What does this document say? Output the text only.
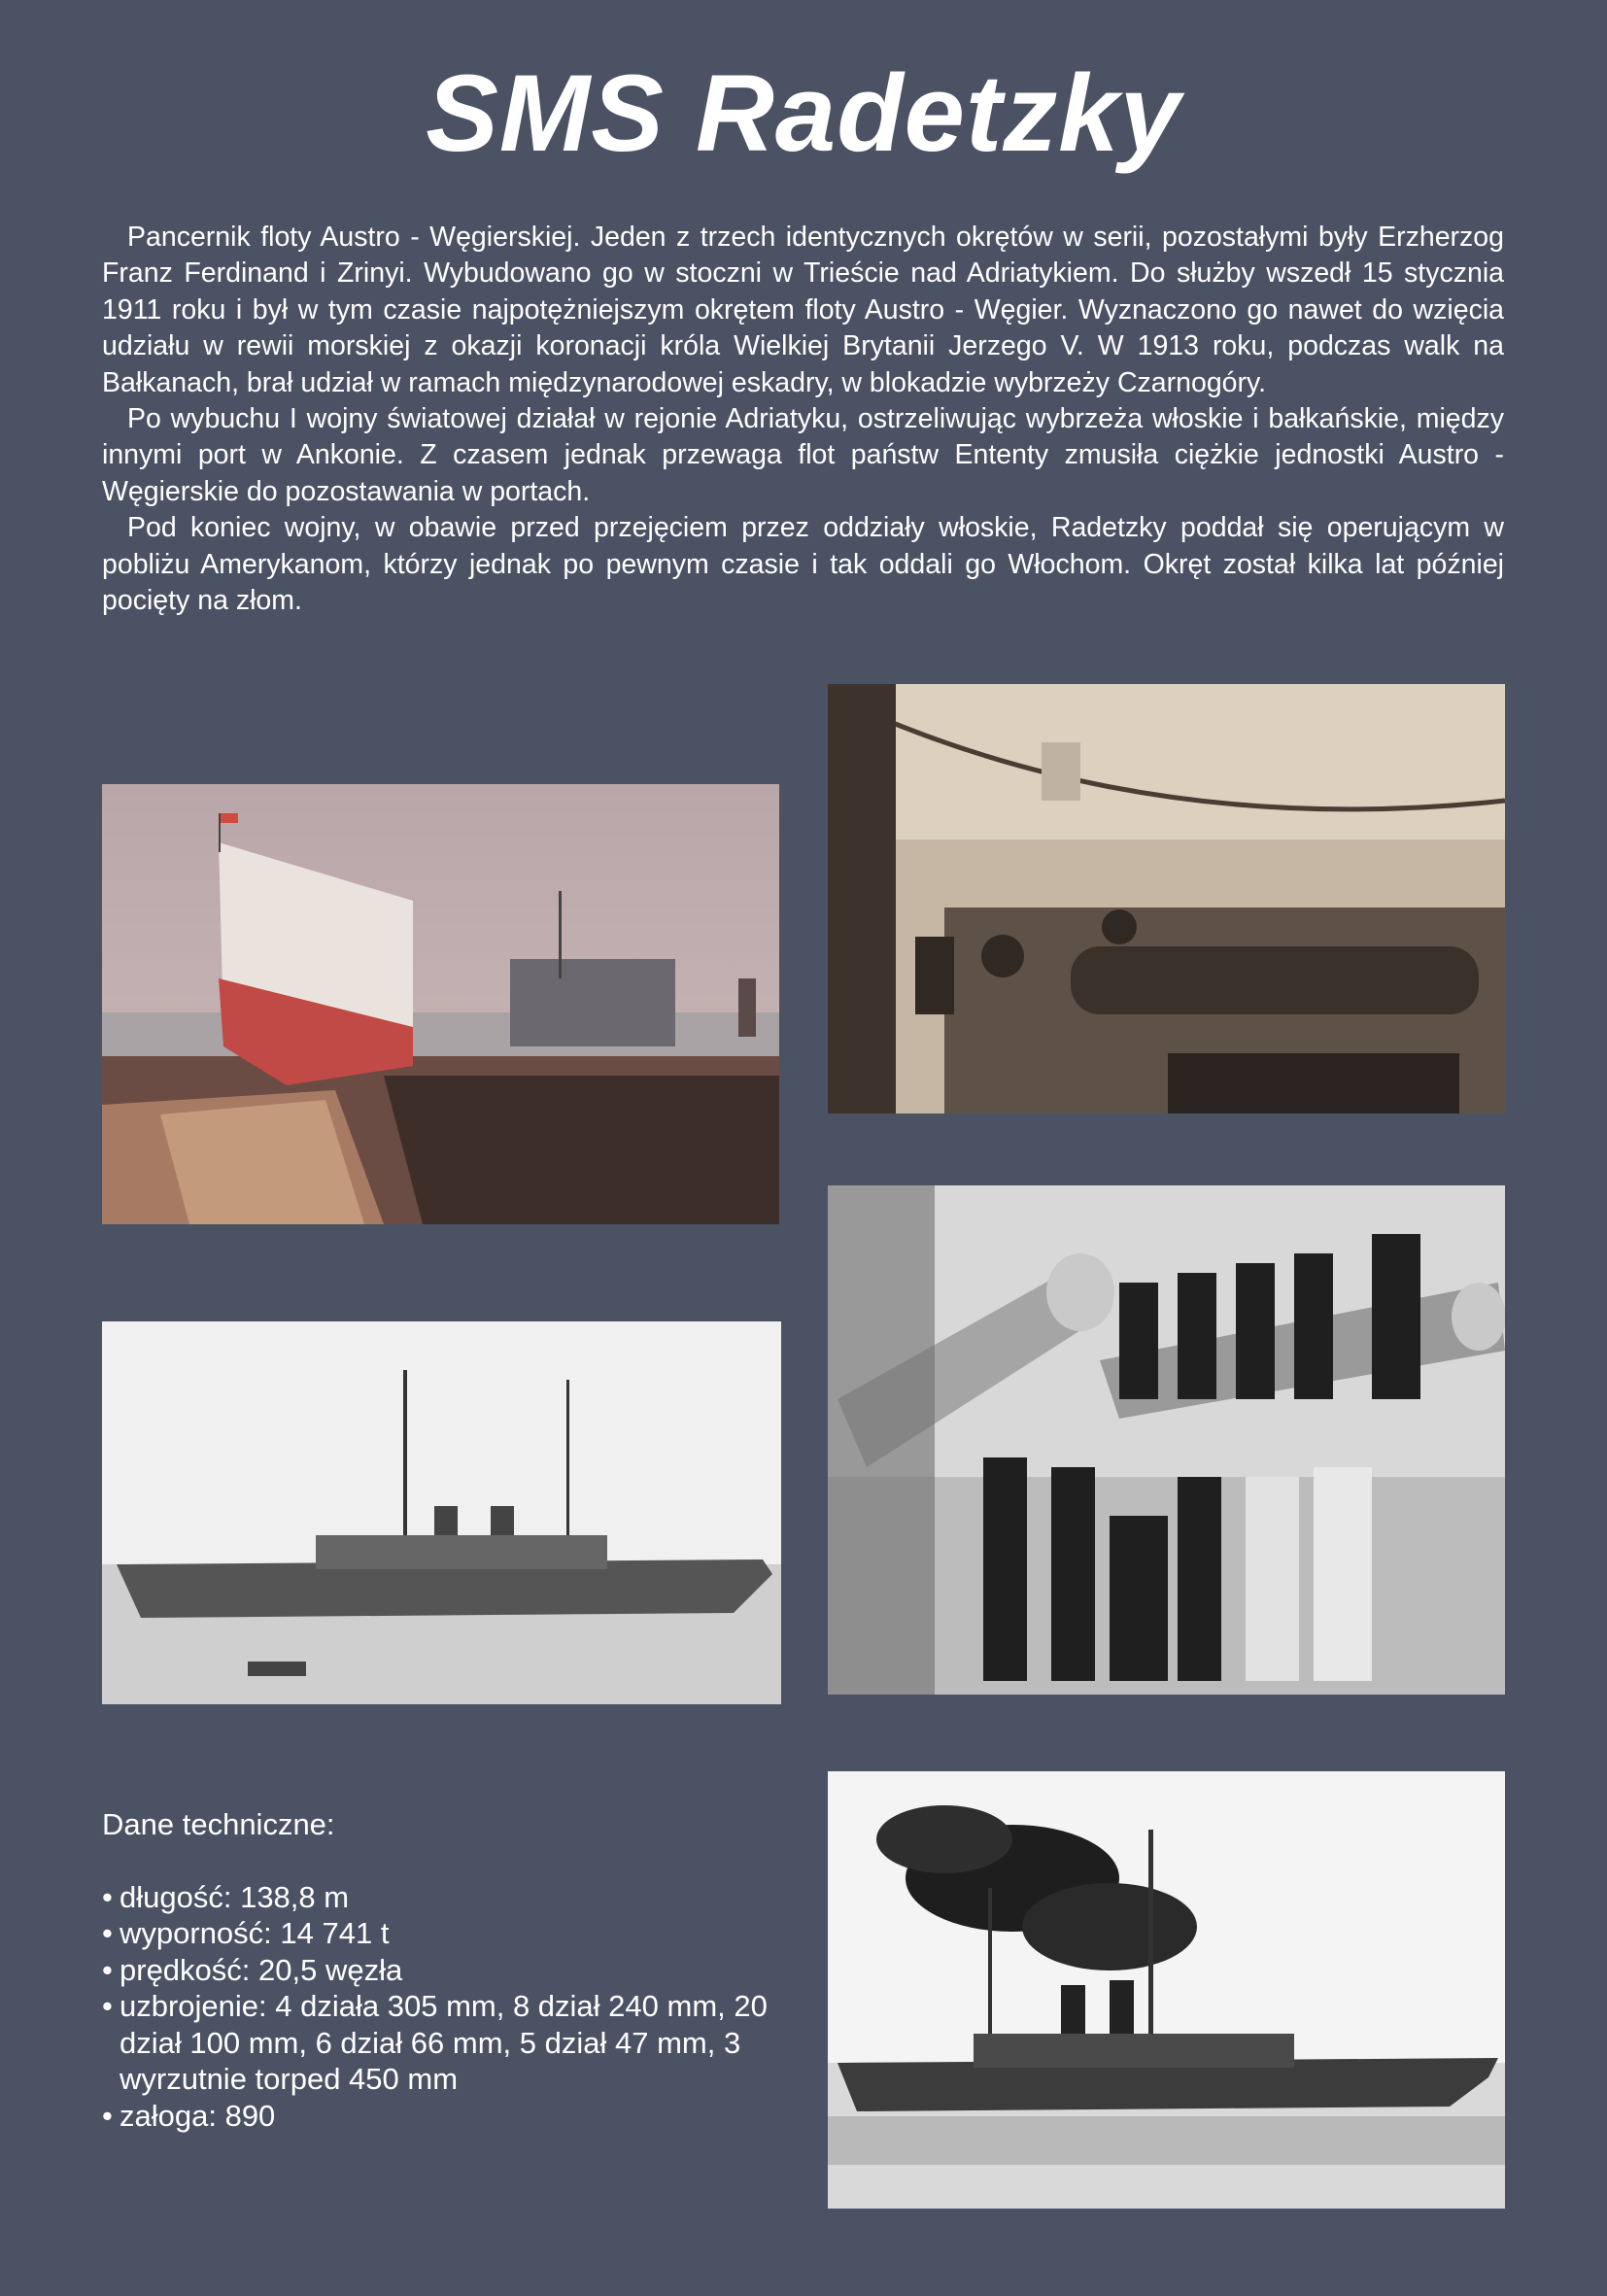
SMS Radetzky

Pancernik floty Austro - Węgierskiej. Jeden z trzech identycznych okrętów w serii, pozostałymi były Erzherzog Franz Ferdinand i Zrinyi. Wybudowano go w stoczni w Trieście nad Adriatykiem. Do służby wszedł 15 stycznia 1911 roku i był w tym czasie najpotężniejszym okrętem floty Austro - Węgier. Wyznaczono go nawet do wzięcia udziału w rewii morskiej z okazji koronacji króla Wielkiej Brytanii Jerzego V. W 1913 roku, podczas walk na Bałkanach, brał udział w ramach międzynarodowej eskadry, w blokadzie wybrzeży Czarnogóry.

Po wybuchu I wojny światowej działał w rejonie Adriatyku, ostrzeliwując wybrzeża włoskie i bałkańskie, między innymi port w Ankonie. Z czasem jednak przewaga flot państw Ententy zmusiła ciężkie jednostki Austro - Węgierskie do pozostawania w portach.

Pod koniec wojny, w obawie przed przejęciem przez oddziały włoskie, Radetzky poddał się operującym w pobliżu Amerykanom, którzy jednak po pewnym czasie i tak oddali go Włochom. Okręt został kilka lat później pocięty na złom.

Dane techniczne:
• długość: 138,8 m
• wyporność: 14 741 t
• prędkość: 20,5 węzła
• uzbrojenie: 4 działa 305 mm, 8 dział 240 mm, 20 dział 100 mm, 6 dział 66 mm, 5 dział 47 mm, 3 wyrzutnie torped 450 mm
• załoga: 890
